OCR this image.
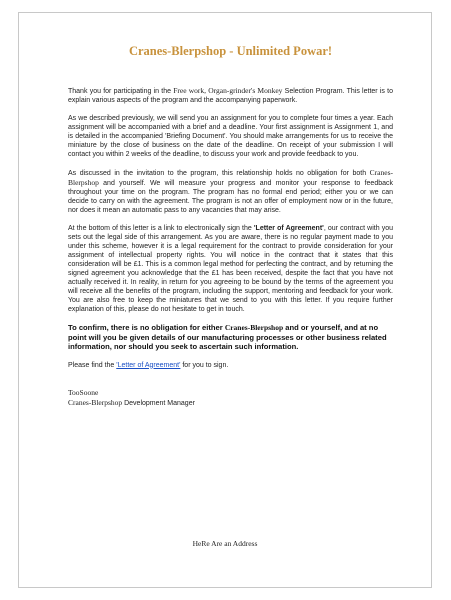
Cranes-Blerpshop - Unlimited Powar!

Thank you for participating in the Free work, Organ-grinder's Monkey Selection Program. This letter is to explain various aspects of the program and the accompanying paperwork.

As we described previously, we will send you an assignment for you to complete four times a year. Each assignment will be accompanied with a brief and a deadline. Your first assignment is Assignment 1, and is detailed in the accompanied 'Briefing Document'. You should make arrangements for us to receive the miniature by the close of business on the date of the deadline. On receipt of your submission I will contact you within 2 weeks of the deadline, to discuss your work and provide feedback to you.

As discussed in the invitation to the program, this relationship holds no obligation for both Cranes-Blerpshop and yourself. We will measure your progress and monitor your response to feedback throughout your time on the program. The program has no formal end period; either you or we can decide to carry on with the agreement. The program is not an offer of employment now or in the future, nor does it mean an automatic pass to any vacancies that may arise.

At the bottom of this letter is a link to electronically sign the 'Letter of Agreement', our contract with you sets out the legal side of this arrangement. As you are aware, there is no regular payment made to you under this scheme, however it is a legal requirement for the contract to provide consideration for your assignment of intellectual property rights. You will notice in the contract that it states that this consideration will be £1. This is a common legal method for perfecting the contract, and by returning the signed agreement you acknowledge that the £1 has been received, despite the fact that you have not actually received it. In reality, in return for you agreeing to be bound by the terms of the agreement you will receive all the benefits of the program, including the support, mentoring and feedback for your work. You are also free to keep the miniatures that we send to you with this letter. If you require further explanation of this, please do not hesitate to get in touch.

To confirm, there is no obligation for either Cranes-Blerpshop and or yourself, and at no point will you be given details of our manufacturing processes or other business related information, nor should you seek to ascertain such information.

Please find the 'Letter of Agreement' for you to sign.

TooSoone
Cranes-Blerpshop Development Manager
HeRe Are an Address
